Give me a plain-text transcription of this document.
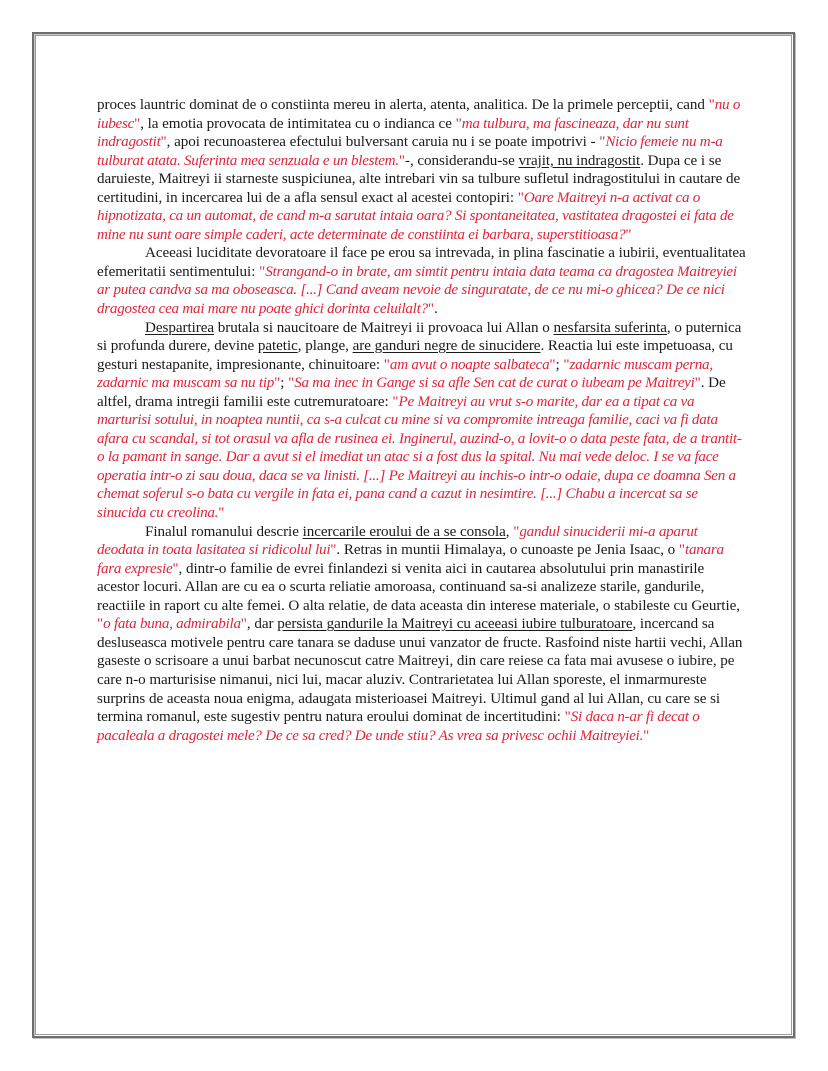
proces launtric dominat de o constiinta mereu in alerta, atenta, analitica. De la primele perceptii, cand "nu o iubesc", la emotia provocata de intimitatea cu o indianca ce "ma tulbura, ma fascineaza, dar nu sunt indragostit", apoi recunoasterea efectului bulversant caruia nu i se poate impotrivi - "Nicio femeie nu m-a tulburat atata. Suferinta mea senzuala e un blestem."-, considerandu-se vrajit, nu indragostit. Dupa ce i se daruieste, Maitreyi ii starneste suspiciunea, alte intrebari vin sa tulbure sufletul indragostitului in cautare de certitudini, in incercarea lui de a afla sensul exact al acestei contopiri: "Oare Maitreyi n-a activat ca o hipnotizata, ca un automat, de cand m-a sarutat intaia oara? Si spontaneitatea, vastitatea dragostei ei fata de mine nu sunt oare simple caderi, acte determinate de constiinta ei barbara, superstitioasa?"

Aceeasi luciditate devoratoare il face pe erou sa intrevada, in plina fascinatie a iubirii, eventualitatea efemeritatii sentimentului: "Strangand-o in brate, am simtit pentru intaia data teama ca dragostea Maitreyiei ar putea candva sa ma oboseasca. [...] Cand aveam nevoie de singuratate, de ce nu mi-o ghicea? De ce nici dragostea cea mai mare nu poate ghici dorinta celuilalt?".

Despartirea brutala si naucitoare de Maitreyi ii provoaca lui Allan o nesfarsita suferinta, o puternica si profunda durere, devine patetic, plange, are ganduri negre de sinucidere. Reactia lui este impetuoasa, cu gesturi nestapanite, impresionante, chinuitoare: "am avut o noapte salbateca"; "zadarnic muscam perna, zadarnic ma muscam sa nu tip"; "Sa ma inec in Gange si sa afle Sen cat de curat o iubeam pe Maitreyi". De altfel, drama intregii familii este cutremuratoare: "Pe Maitreyi au vrut s-o marite, dar ea a tipat ca va marturisi sotului, in noaptea nuntii, ca s-a culcat cu mine si va compromite intreaga familie, caci va fi data afara cu scandal, si tot orasul va afla de rusinea ei. Inginerul, auzind-o, a lovit-o o data peste fata, de a trantit-o la pamant in sange. Dar a avut si el imediat un atac si a fost dus la spital. Nu mai vede deloc. I se va face operatia intr-o zi sau doua, daca se va linisti. [...] Pe Maitreyi au inchis-o intr-o odaie, dupa ce doamna Sen a chemat soferul s-o bata cu vergile in fata ei, pana cand a cazut in nesimtire. [...] Chabu a incercat sa se sinucida cu creolina."

Finalul romanului descrie incercarile eroului de a se consola, "gandul sinuciderii mi-a aparut deodata in toata lasitatea si ridicolul lui". Retras in muntii Himalaya, o cunoaste pe Jenia Isaac, o "tanara fara expresie", dintr-o familie de evrei finlandezi si venita aici in cautarea absolutului prin manastirile acestor locuri. Allan are cu ea o scurta reliatie amoroasa, continuand sa-si analizeze starile, gandurile, reactiile in raport cu alte femei. O alta relatie, de data aceasta din interese materiale, o stabileste cu Geurtie, "o fata buna, admirabila", dar persista gandurile la Maitreyi cu aceeasi iubire tulburatoare, incercand sa desluseasca motivele pentru care tanara se daduse unui vanzator de fructe. Rasfoind niste hartii vechi, Allan gaseste o scrisoare a unui barbat necunoscut catre Maitreyi, din care reiese ca fata mai avusese o iubire, pe care n-o marturisise nimanui, nici lui, macar aluziv. Contrarietatea lui Allan sporeste, el inmarmureste surprins de aceasta noua enigma, adaugata misterioasei Maitreyi. Ultimul gand al lui Allan, cu care se si termina romanul, este sugestiv pentru natura eroului dominat de incertitudini: "Si daca n-ar fi decat o pacaleala a dragostei mele? De ce sa cred? De unde stiu? As vrea sa privesc ochii Maitreyiei."
